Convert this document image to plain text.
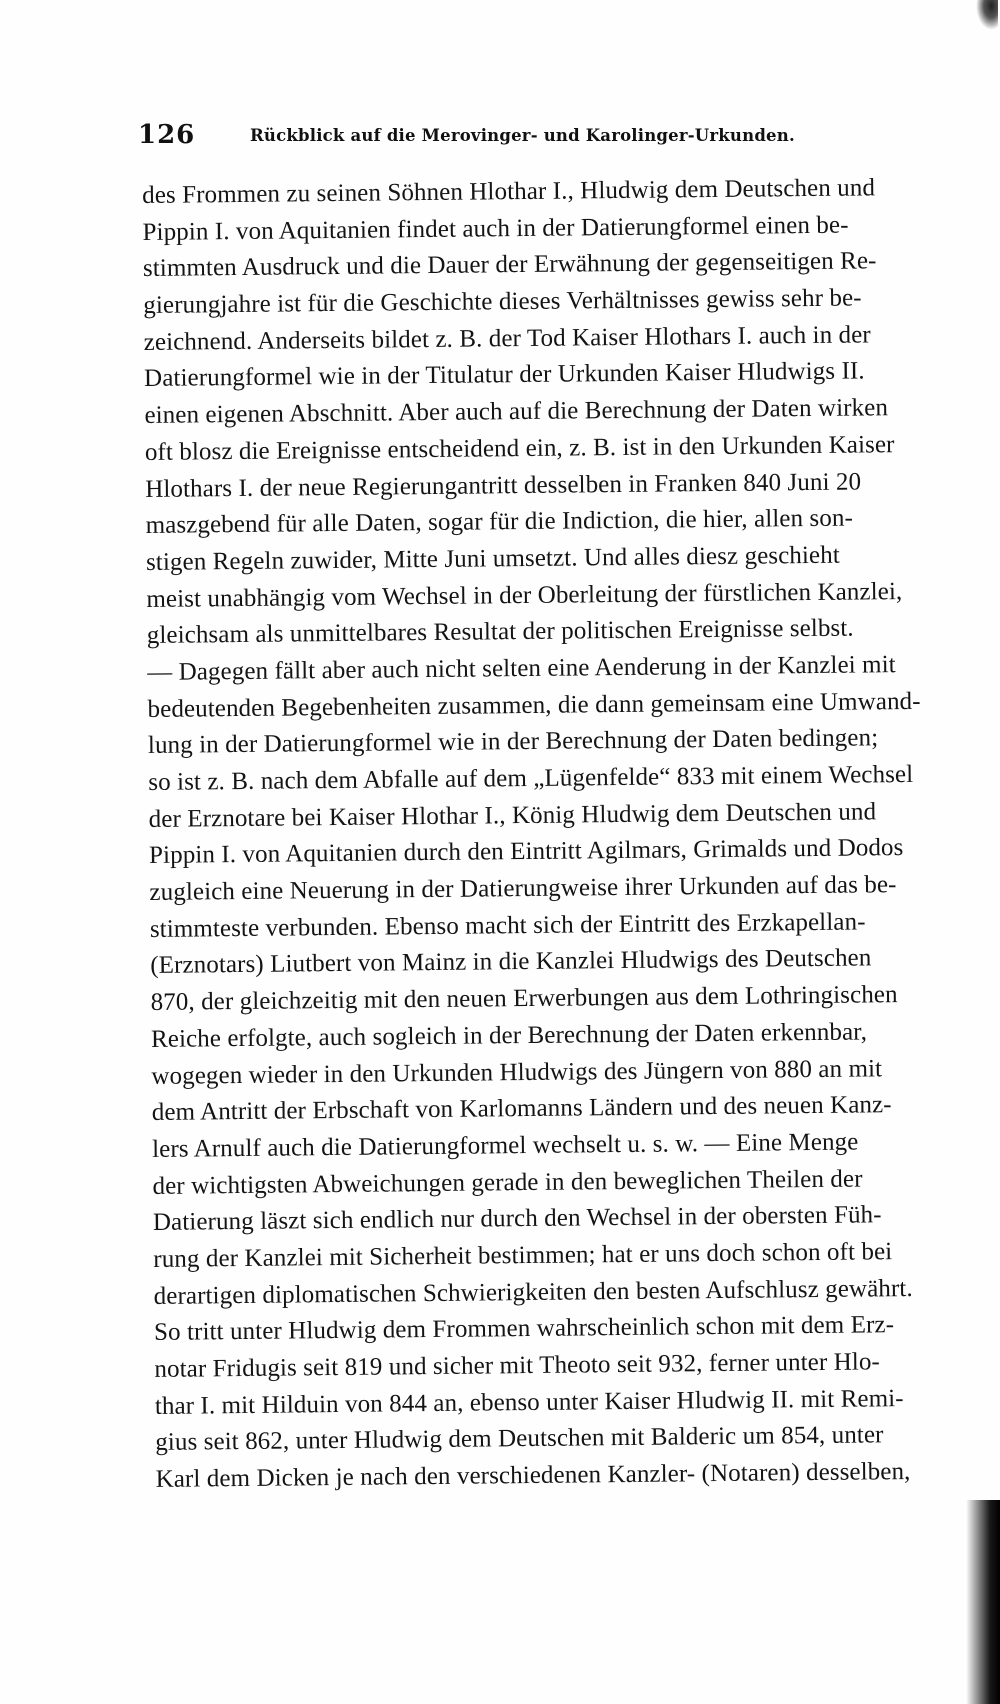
126	Rückblick auf die Merovinger- und Karolinger-Urkunden.
des Frommen zu seinen Söhnen Hlothar I., Hludwig dem Deutschen und
Pippin I. von Aquitanien findet auch in der Datierungformel einen be-
stimmten Ausdruck und die Dauer der Erwähnung der gegenseitigen Re-
gierungjahre ist für die Geschichte dieses Verhältnisses gewiss sehr be-
zeichnend. Anderseits bildet z. B. der Tod Kaiser Hlothars I. auch in der
Datierungformel wie in der Titulatur der Urkunden Kaiser Hludwigs II.
einen eigenen Abschnitt. Aber auch auf die Berechnung der Daten wirken
oft blosz die Ereignisse entscheidend ein, z. B. ist in den Urkunden Kaiser
Hlothars I. der neue Regierungantritt desselben in Franken 840 Juni 20
maszgebend für alle Daten, sogar für die Indiction, die hier, allen son-
stigen Regeln zuwider, Mitte Juni umsetzt. Und alles diesz geschieht
meist unabhängig vom Wechsel in der Oberleitung der fürstlichen Kanzlei,
gleichsam als unmittelbares Resultat der politischen Ereignisse selbst.
— Dagegen fällt aber auch nicht selten eine Aenderung in der Kanzlei mit
bedeutenden Begebenheiten zusammen, die dann gemeinsam eine Umwand-
lung in der Datierungformel wie in der Berechnung der Daten bedingen;
so ist z. B. nach dem Abfalle auf dem „Lügenfelde“ 833 mit einem Wechsel
der Erznotare bei Kaiser Hlothar I., König Hludwig dem Deutschen und
Pippin I. von Aquitanien durch den Eintritt Agilmars, Grimalds und Dodos
zugleich eine Neuerung in der Datierungweise ihrer Urkunden auf das be-
stimmteste verbunden. Ebenso macht sich der Eintritt des Erzkapellan-
(Erznotars) Liutbert von Mainz in die Kanzlei Hludwigs des Deutschen
870, der gleichzeitig mit den neuen Erwerbungen aus dem Lothringischen
Reiche erfolgte, auch sogleich in der Berechnung der Daten erkennbar,
wogegen wieder in den Urkunden Hludwigs des Jüngern von 880 an mit
dem Antritt der Erbschaft von Karlomanns Ländern und des neuen Kanz-
lers Arnulf auch die Datierungformel wechselt u. s. w. — Eine Menge
der wichtigsten Abweichungen gerade in den beweglichen Theilen der
Datierung läszt sich endlich nur durch den Wechsel in der obersten Füh-
rung der Kanzlei mit Sicherheit bestimmen; hat er uns doch schon oft bei
derartigen diplomatischen Schwierigkeiten den besten Aufschlusz gewährt.
So tritt unter Hludwig dem Frommen wahrscheinlich schon mit dem Erz-
notar Fridugis seit 819 und sicher mit Theoto seit 932, ferner unter Hlo-
thar I. mit Hilduin von 844 an, ebenso unter Kaiser Hludwig II. mit Remi-
gius seit 862, unter Hludwig dem Deutschen mit Balderic um 854, unter
Karl dem Dicken je nach den verschiedenen Kanzler- (Notaren) desselben,
